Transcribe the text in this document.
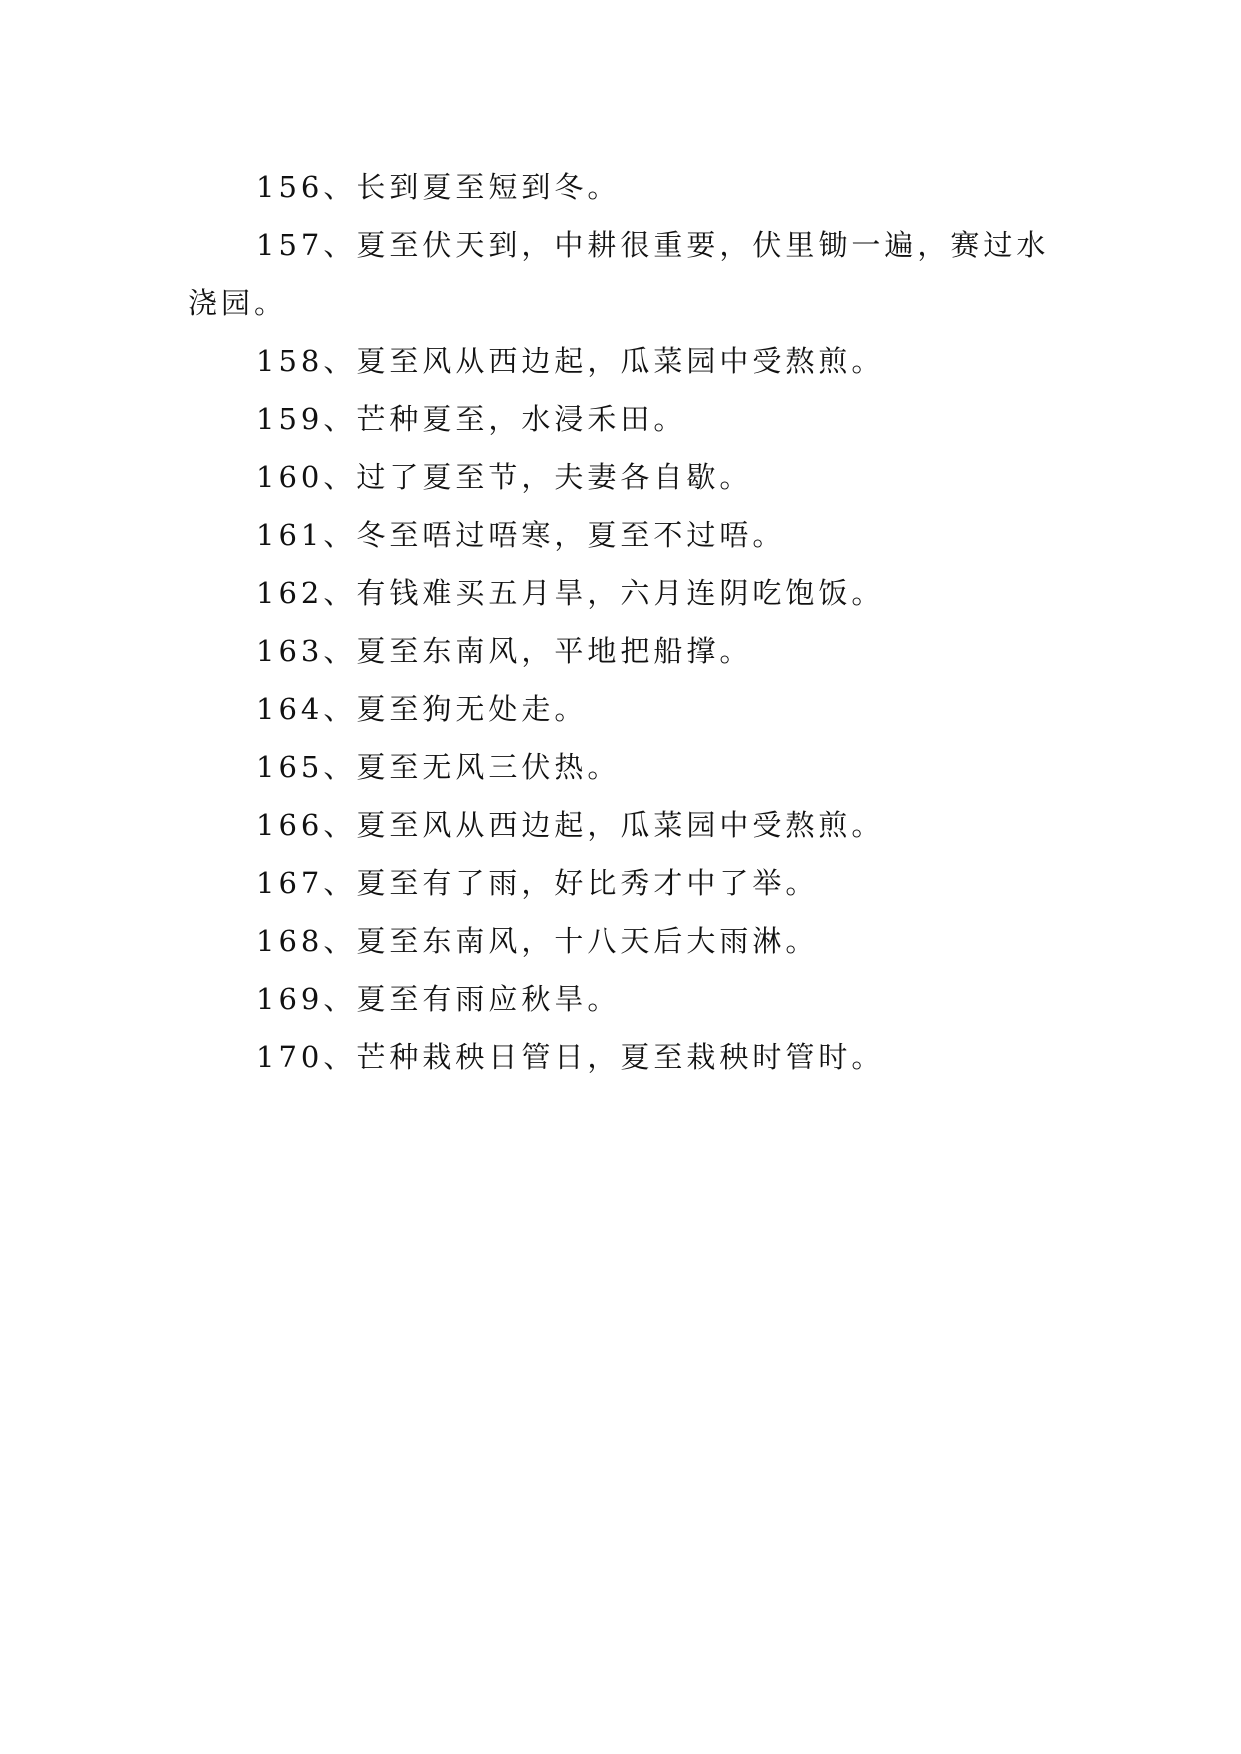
156、长到夏至短到冬。

157、夏至伏天到，中耕很重要，伏里锄一遍，赛过水浇园。

158、夏至风从西边起，瓜菜园中受熬煎。

159、芒种夏至，水浸禾田。

160、过了夏至节，夫妻各自歇。

161、冬至唔过唔寒，夏至不过唔。

162、有钱难买五月旱，六月连阴吃饱饭。

163、夏至东南风，平地把船撑。

164、夏至狗无处走。

165、夏至无风三伏热。

166、夏至风从西边起，瓜菜园中受熬煎。

167、夏至有了雨，好比秀才中了举。

168、夏至东南风，十八天后大雨淋。

169、夏至有雨应秋旱。

170、芒种栽秧日管日，夏至栽秧时管时。
